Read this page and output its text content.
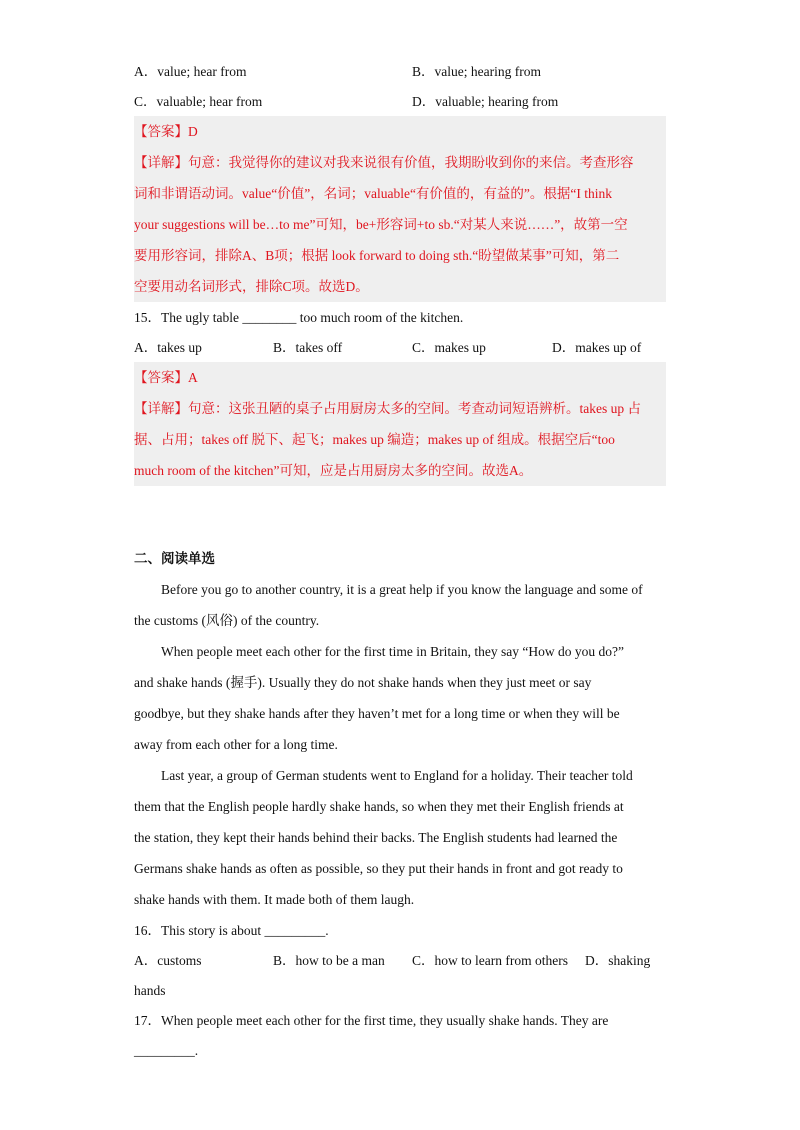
A．value; hear from	B．value; hearing from
C．valuable; hear from	D．valuable; hearing from
【答案】D
【详解】句意：我觉得你的建议对我来说很有价值，我期盼收到你的来信。考查形容
词和非谓语动词。value“价值”，名词；valuable“有价值的，有益的”。根据“I think
your suggestions will be…to me”可知，be+形容词+to sb.“对某人来说……”，故第一空
要用形容词，排除A、B项；根据 look forward to doing sth.“盼望做某事”可知，第二
空要用动名词形式，排除C项。故选D。
15．The ugly table ________ too much room of the kitchen.
A．takes up	B．takes off	C．makes up	D．makes up of
【答案】A
【详解】句意：这张丑陋的桌子占用厨房太多的空间。考查动词短语辨析。takes up 占
据、占用；takes off 脱下、起飞；makes up 编造；makes up of 组成。根据空后“too
much room of the kitchen”可知，应是占用厨房太多的空间。故选A。
二、阅读单选
Before you go to another country, it is a great help if you know the language and some of
the customs (风俗) of the country.
When people meet each other for the first time in Britain, they say “How do you do?”
and shake hands (握手). Usually they do not shake hands when they just meet or say
goodbye, but they shake hands after they haven’t met for a long time or when they will be
away from each other for a long time.
Last year, a group of German students went to England for a holiday. Their teacher told
them that the English people hardly shake hands, so when they met their English friends at
the station, they kept their hands behind their backs. The English students had learned the
Germans shake hands as often as possible, so they put their hands in front and got ready to
shake hands with them. It made both of them laugh.
16．This story is about _________.
A．customs	B．how to be a man C．how to learn from others D．shaking
hands
17．When people meet each other for the first time, they usually shake hands. They are
_________.
